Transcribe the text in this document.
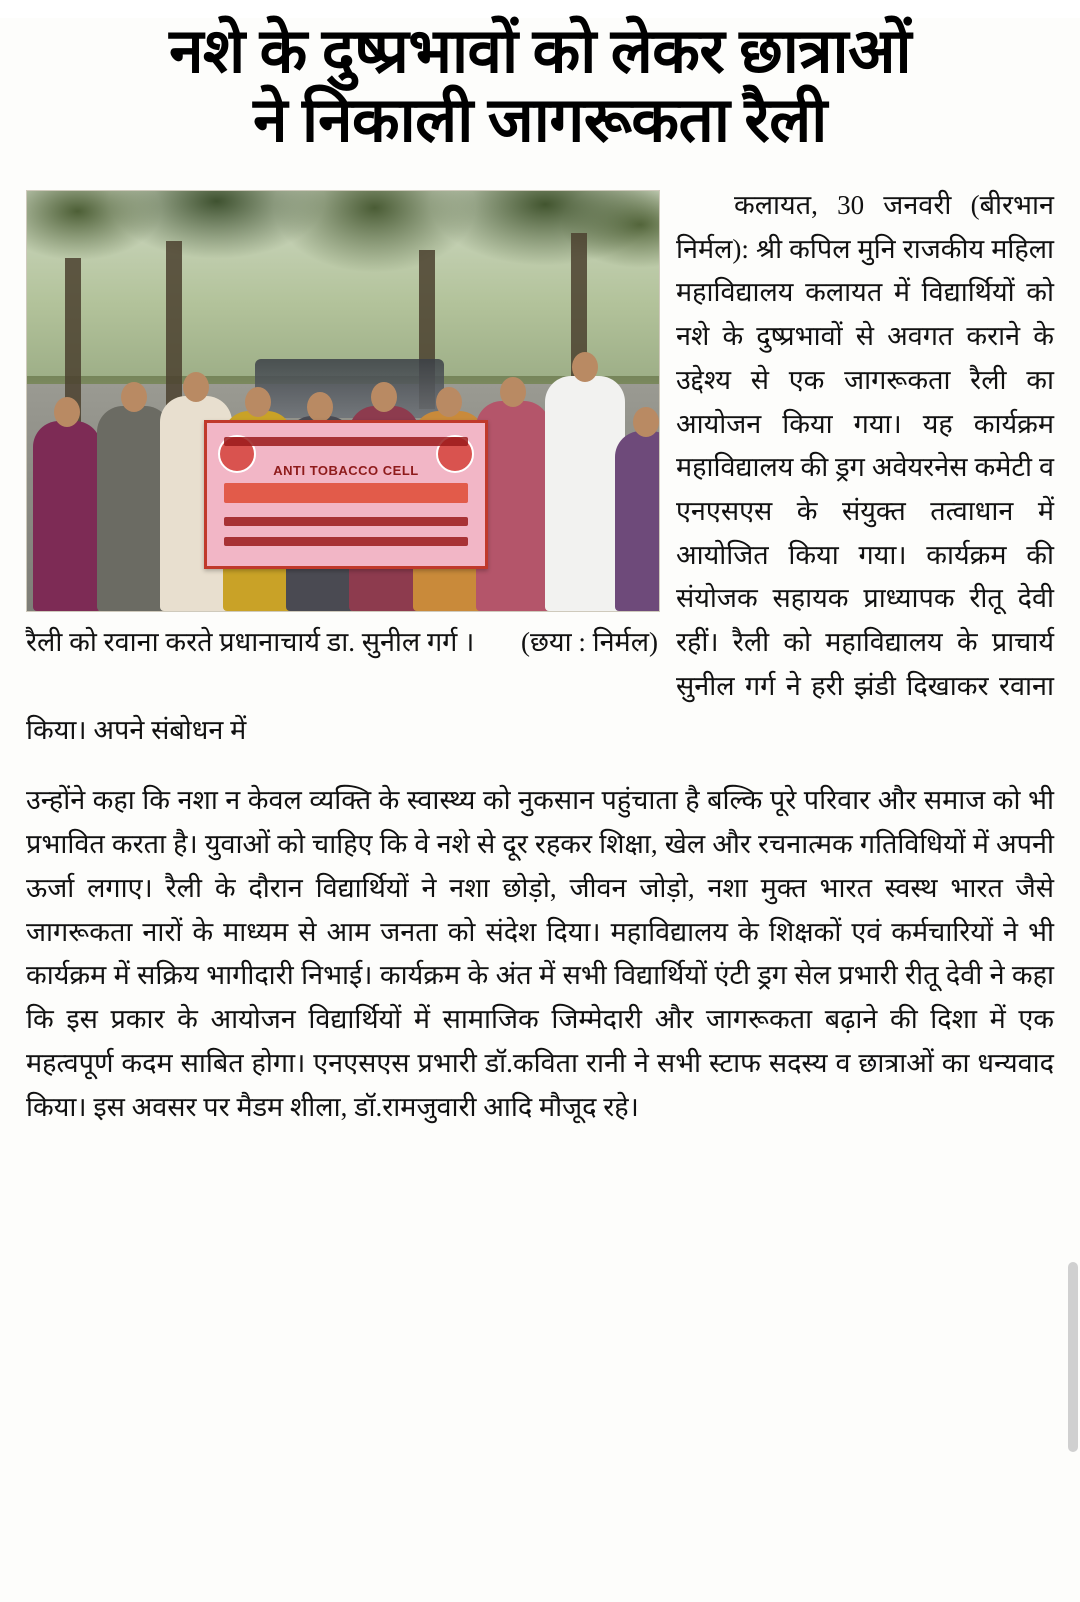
नशे के दुष्प्रभावों को लेकर छात्राओं
ने निकाली जागरूकता रैली
ANTI TOBACCO CELL
(छया : निर्मल)
रैली को रवाना करते प्रधानाचार्य डा. सुनील गर्ग ।

कलायत, 30 जनवरी (बीरभान निर्मल): श्री कपिल मुनि राजकीय महिला महाविद्यालय कलायत में विद्यार्थियों को नशे के दुष्प्रभावों से अवगत कराने के उद्देश्य से एक जागरूकता रैली का आयोजन किया गया। यह कार्यक्रम महाविद्यालय की ड्रग अवेयरनेस कमेटी व एनएसएस के संयुक्त तत्वाधान में आयोजित किया गया। कार्यक्रम की संयोजक सहायक प्राध्यापक रीतू देवी रहीं। रैली को महाविद्यालय के प्राचार्य सुनील गर्ग ने हरी झंडी दिखाकर रवाना किया। अपने संबोधन में

उन्होंने कहा कि नशा न केवल व्यक्ति के स्वास्थ्य को नुकसान पहुंचाता है बल्कि पूरे परिवार और समाज को भी प्रभावित करता है। युवाओं को चाहिए कि वे नशे से दूर रहकर शिक्षा, खेल और रचनात्मक गतिविधियों में अपनी ऊर्जा लगाए। रैली के दौरान विद्यार्थियों ने नशा छोड़ो, जीवन जोड़ो, नशा मुक्त भारत स्वस्थ भारत जैसे जागरूकता नारों के माध्यम से आम जनता को संदेश दिया। महाविद्यालय के शिक्षकों एवं कर्मचारियों ने भी कार्यक्रम में सक्रिय भागीदारी निभाई। कार्यक्रम के अंत में सभी विद्यार्थियों एंटी ड्रग सेल प्रभारी रीतू देवी ने कहा कि इस प्रकार के आयोजन विद्यार्थियों में सामाजिक जिम्मेदारी और जागरूकता बढ़ाने की दिशा में एक महत्वपूर्ण कदम साबित होगा। एनएसएस प्रभारी डॉ.कविता रानी ने सभी स्टाफ सदस्य व छात्राओं का धन्यवाद किया। इस अवसर पर मैडम शीला, डॉ.रामजुवारी आदि मौजूद रहे।
